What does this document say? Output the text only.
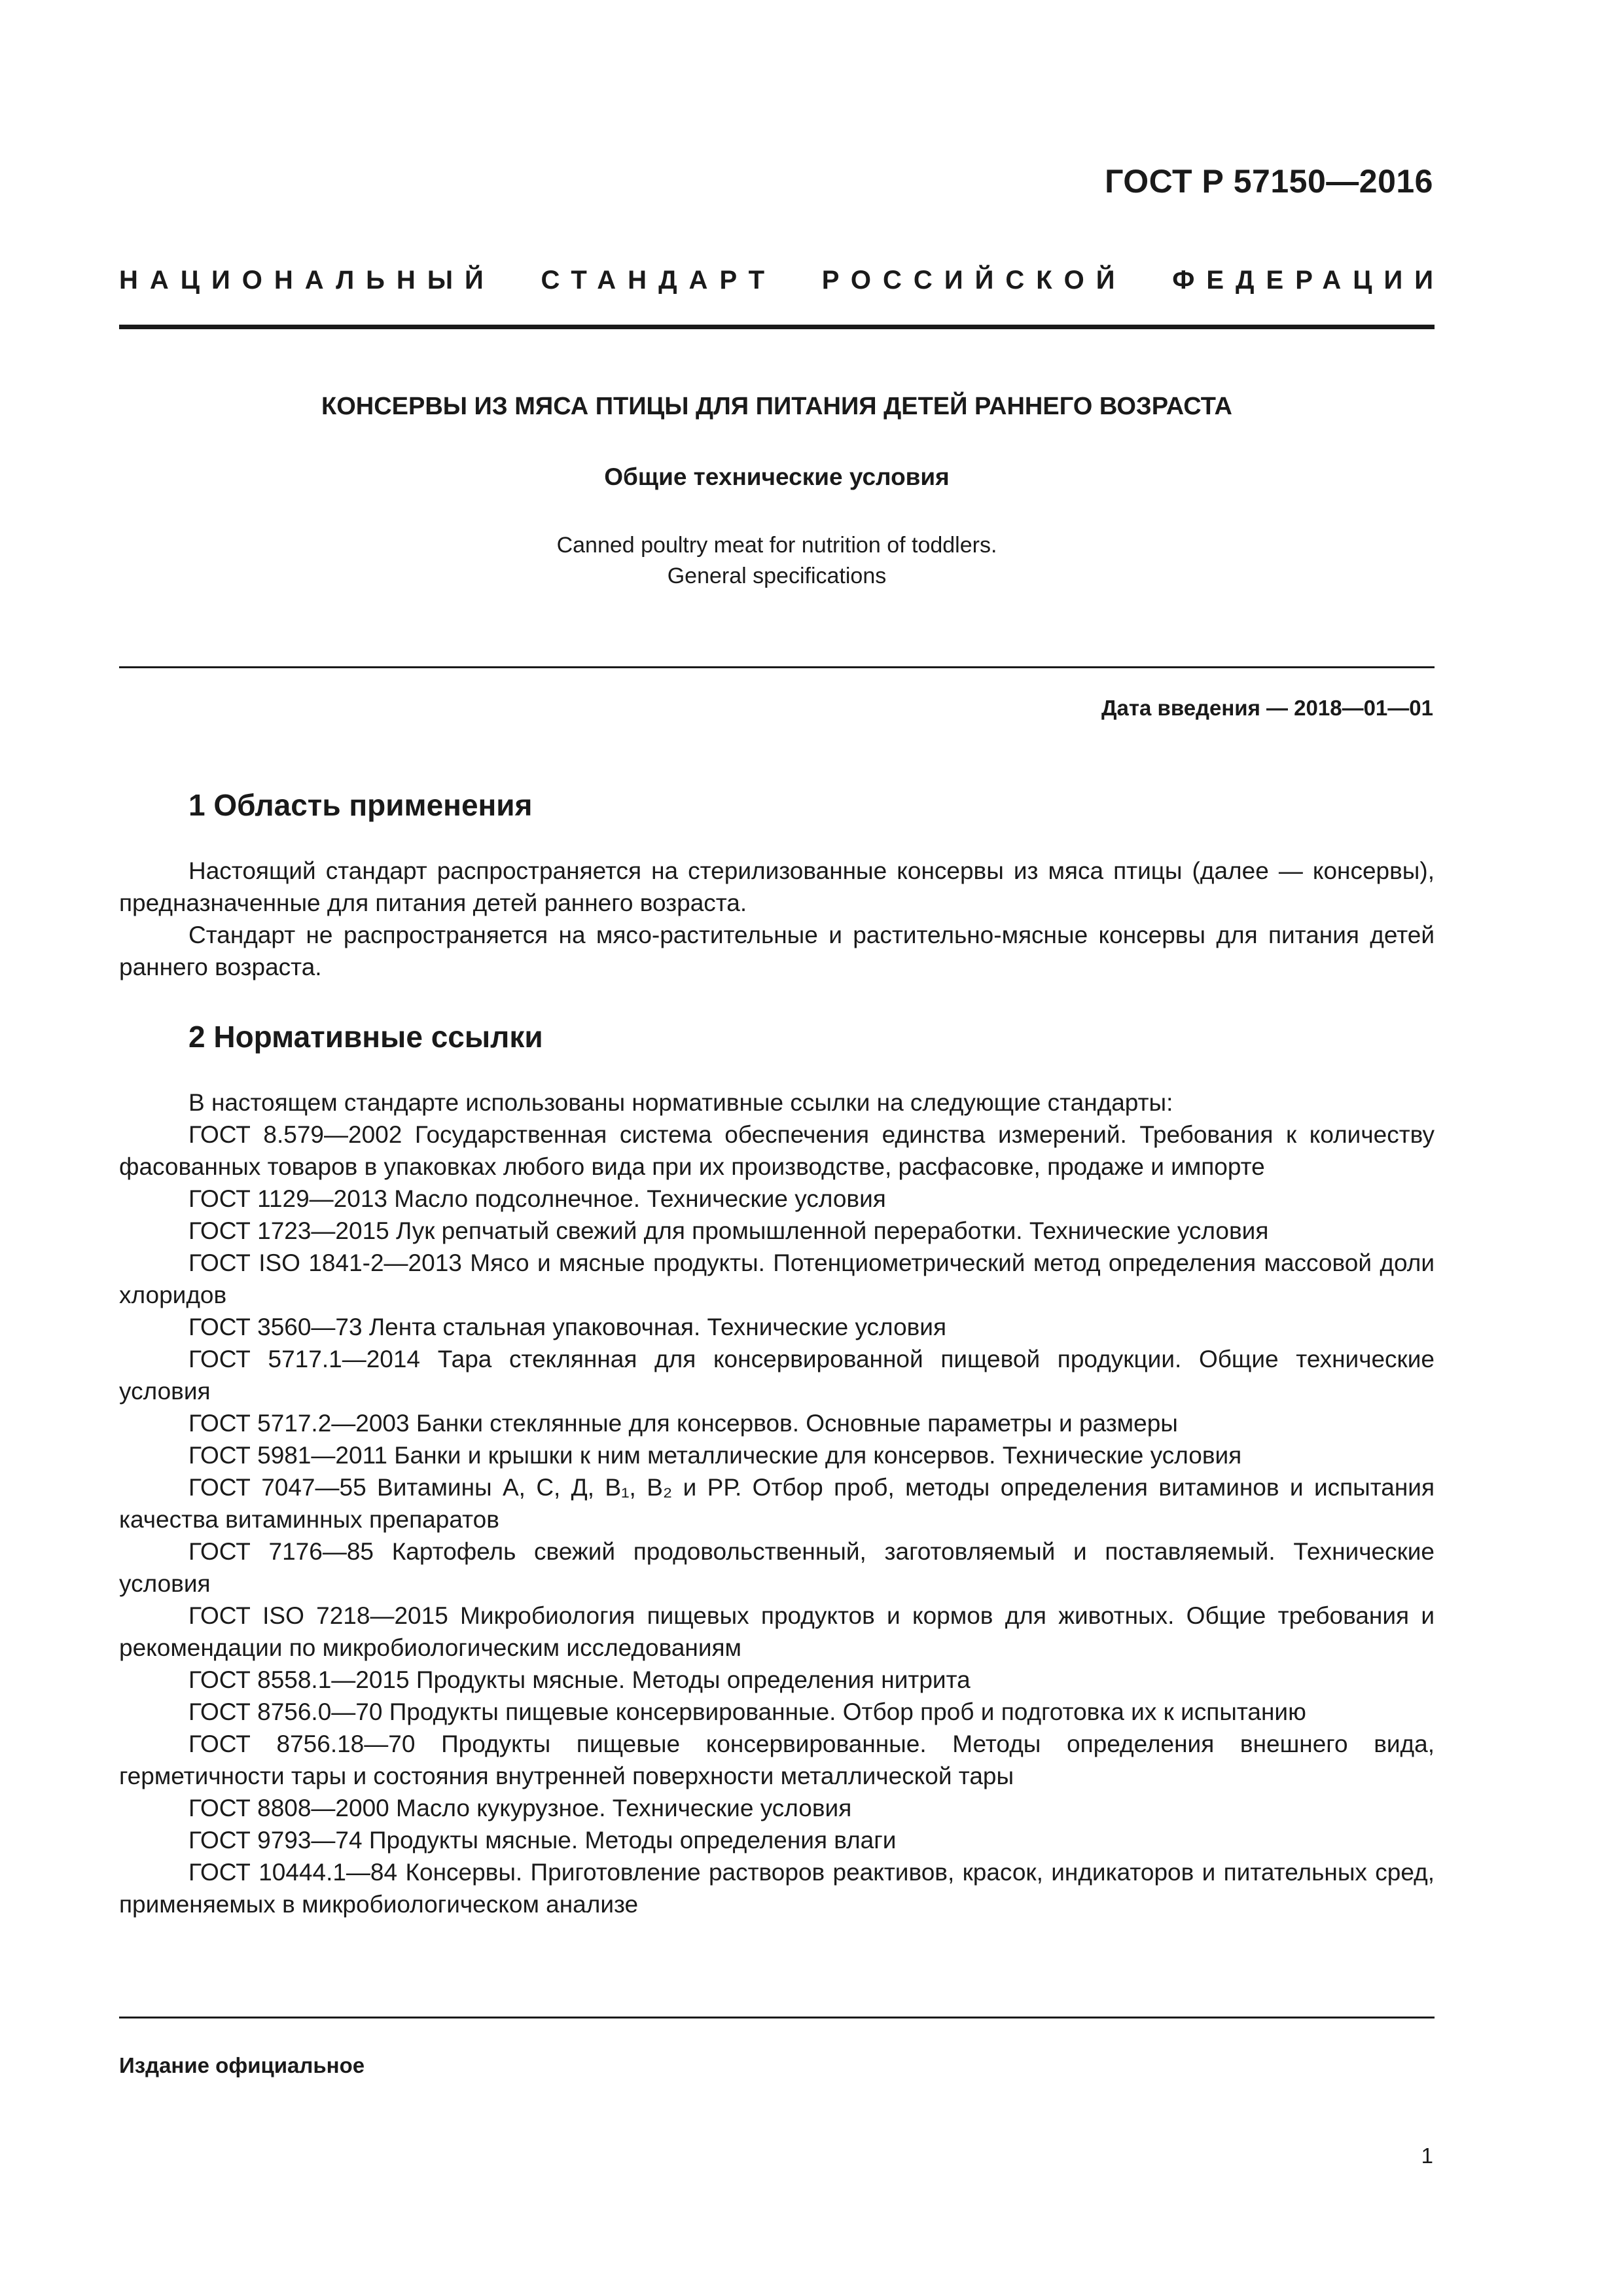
ГОСТ Р 57150—2016
НАЦИОНАЛЬНЫЙ СТАНДАРТ РОССИЙСКОЙ ФЕДЕРАЦИИ
КОНСЕРВЫ ИЗ МЯСА ПТИЦЫ ДЛЯ ПИТАНИЯ ДЕТЕЙ РАННЕГО ВОЗРАСТА
Общие технические условия
Canned poultry meat for nutrition of toddlers.
General specifications
Дата введения — 2018—01—01
1 Область применения

Настоящий стандарт распространяется на стерилизованные консервы из мяса птицы (далее — консервы), предназначенные для питания детей раннего возраста.

Стандарт не распространяется на мясо-растительные и растительно-мясные консервы для питания детей раннего возраста.

2 Нормативные ссылки

В настоящем стандарте использованы нормативные ссылки на следующие стандарты:

ГОСТ 8.579—2002 Государственная система обеспечения единства измерений. Требования к количеству фасованных товаров в упаковках любого вида при их производстве, расфасовке, продаже и импорте

ГОСТ 1129—2013 Масло подсолнечное. Технические условия

ГОСТ 1723—2015 Лук репчатый свежий для промышленной переработки. Технические условия

ГОСТ ISO 1841-2—2013 Мясо и мясные продукты. Потенциометрический метод определения массовой доли хлоридов

ГОСТ 3560—73 Лента стальная упаковочная. Технические условия

ГОСТ 5717.1—2014 Тара стеклянная для консервированной пищевой продукции. Общие технические условия

ГОСТ 5717.2—2003 Банки стеклянные для консервов. Основные параметры и размеры

ГОСТ 5981—2011 Банки и крышки к ним металлические для консервов. Технические условия

ГОСТ 7047—55 Витамины А, С, Д, B₁, B₂ и РР. Отбор проб, методы определения витаминов и испытания качества витаминных препаратов

ГОСТ 7176—85 Картофель свежий продовольственный, заготовляемый и поставляемый. Технические условия

ГОСТ ISO 7218—2015 Микробиология пищевых продуктов и кормов для животных. Общие требования и рекомендации по микробиологическим исследованиям

ГОСТ 8558.1—2015 Продукты мясные. Методы определения нитрита

ГОСТ 8756.0—70 Продукты пищевые консервированные. Отбор проб и подготовка их к испытанию

ГОСТ 8756.18—70 Продукты пищевые консервированные. Методы определения внешнего вида, герметичности тары и состояния внутренней поверхности металлической тары

ГОСТ 8808—2000 Масло кукурузное. Технические условия

ГОСТ 9793—74 Продукты мясные. Методы определения влаги

ГОСТ 10444.1—84 Консервы. Приготовление растворов реактивов, красок, индикаторов и питательных сред, применяемых в микробиологическом анализе

Издание официальное
1
